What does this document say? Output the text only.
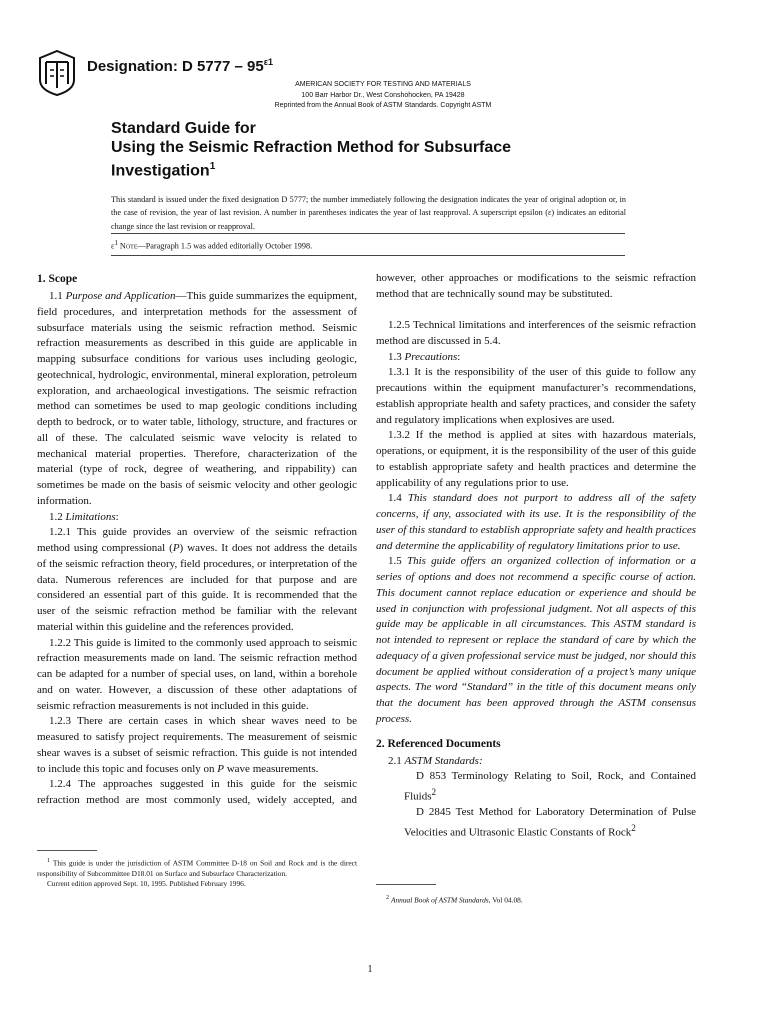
Designation: D $5777 - 95^{\varepsilon 1}$
AMERICAN SOCIETY FOR TESTING AND MATERIALS
100 Barr Harbor Dr., West Conshohocken, PA 19428
Reprinted from the Annual Book of ASTM Standards. Copyright ASTM
Standard Guide for
Using the Seismic Refraction Method for Subsurface
Investigation$^1$
This standard is issued under the fixed designation D 5777; the number immediately following the designation indicates the year of original adoption or, in the case of revision, the year of last revision. A number in parentheses indicates the year of last reapproval. A superscript epsilon (ε) indicates an editorial change since the last revision or reapproval.
$\varepsilon^1$ Note—Paragraph 1.5 was added editorially October 1998.
1. Scope

1.1 Purpose and Application—This guide summarizes the equipment, field procedures, and interpretation methods for the assessment of subsurface materials using the seismic refraction method. Seismic refraction measurements as described in this guide are applicable in mapping subsurface conditions for various uses including geologic, geotechnical, hydrologic, environmental, mineral exploration, petroleum exploration, and archaeological investigations. The seismic refraction method can sometimes be used to map geologic conditions including depth to bedrock, or to water table, lithology, structure, and fractures or all of these. The calculated seismic wave velocity is related to mechanical material properties. Therefore, characterization of the material (type of rock, degree of weathering, and rippability) can sometimes be made on the basis of seismic velocity and other geologic information.

1.2 Limitations:

1.2.1 This guide provides an overview of the seismic refraction method using compressional (P) waves. It does not address the details of the seismic refraction theory, field procedures, or interpretation of the data. Numerous references are included for that purpose and are considered an essential part of this guide. It is recommended that the user of the seismic refraction method be familiar with the relevant material within this guideline and the references provided.

1.2.2 This guide is limited to the commonly used approach to seismic refraction measurements made on land. The seismic refraction method can be adapted for a number of special uses, on land, within a borehole and on water. However, a discussion of these other adaptations of seismic refraction measurements is not included in this guide.

1.2.3 There are certain cases in which shear waves need to be measured to satisfy project requirements. The measurement of seismic shear waves is a subset of seismic refraction. This guide is not intended to include this topic and focuses only on P wave measurements.

1.2.4 The approaches suggested in this guide for the seismic refraction method are most commonly used, widely accepted, and

however, other approaches or modifications to the seismic refraction method that are technically sound may be substituted.

1.2.5 Technical limitations and interferences of the seismic refraction method are discussed in 5.4.

1.3 Precautions:

1.3.1 It is the responsibility of the user of this guide to follow any precautions within the equipment manufacturer’s recommendations, establish appropriate health and safety practices, and consider the safety and regulatory implications when explosives are used.

1.3.2 If the method is applied at sites with hazardous materials, operations, or equipment, it is the responsibility of the user of this guide to establish appropriate safety and health practices and determine the applicability of any regulations prior to use.

1.4 This standard does not purport to address all of the safety concerns, if any, associated with its use. It is the responsibility of the user of this standard to establish appropriate safety and health practices and determine the applicability of regulatory limitations prior to use.

1.5 This guide offers an organized collection of information or a series of options and does not recommend a specific course of action. This document cannot replace education or experience and should be used in conjunction with professional judgment. Not all aspects of this guide may be applicable in all circumstances. This ASTM standard is not intended to represent or replace the standard of care by which the adequacy of a given professional service must be judged, nor should this document be applied without consideration of a project’s many unique aspects. The word “Standard” in the title of this document means only that the document has been approved through the ASTM consensus process.

2. Referenced Documents

2.1 ASTM Standards:

D 853 Terminology Relating to Soil, Rock, and Contained Fluids$^2$

D 2845 Test Method for Laboratory Determination of Pulse Velocities and Ultrasonic Elastic Constants of Rock$^2$

$^1$ This guide is under the jurisdiction of ASTM Committee D-18 on Soil and Rock and is the direct responsibility of Subcommittee D18.01 on Surface and Subsurface Characterization.

Current edition approved Sept. 10, 1995. Published February 1996.

$^2$ Annual Book of ASTM Standards, Vol 04.08.

1
